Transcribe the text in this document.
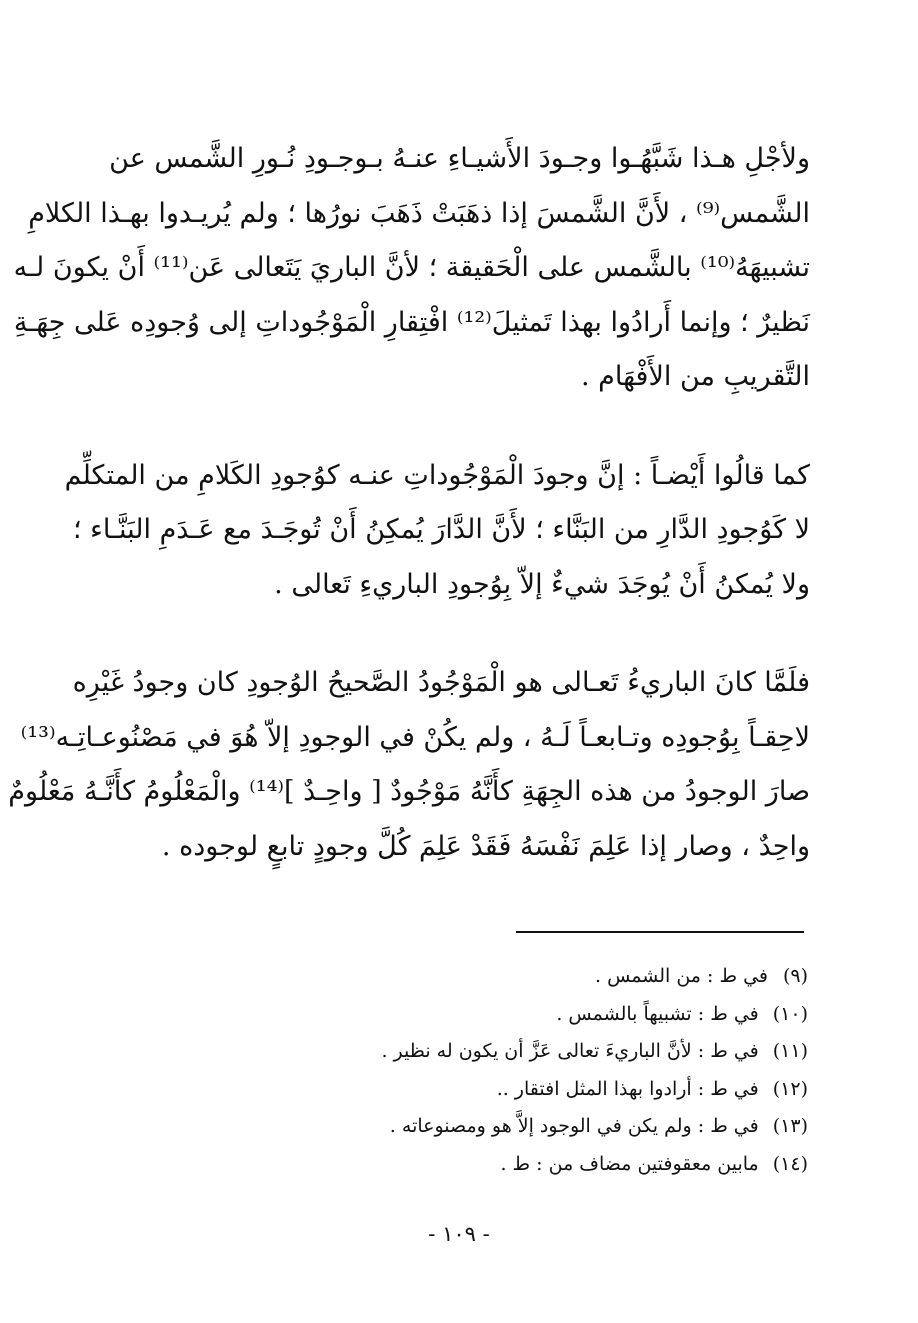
ولأجْلِ هـذا شَبَّهُـوا وجـودَ الأَشيـاءِ عنـهُ بـوجـودِ نُـورِ الشَّمس عن
الشَّمس⁽⁹⁾ ، لأَنَّ الشَّمسَ إذا ذهَبَتْ ذَهَبَ نورُها ؛ ولم يُريـدوا بهـذا الكلامِ
تشبيهَهُ⁽¹⁰⁾ بالشَّمس على الْحَقيقة ؛ لأنَّ الباريَ يَتَعالى عَن⁽¹¹⁾ أَنْ يكونَ لـه
نَظيرٌ ؛ وإنما أَرادُوا بهذا تَمثيلَ⁽¹²⁾ افْتِقارِ الْمَوْجُوداتِ إلى وُجودِه عَلى جِهَـةِ
التَّقريبِ من الأَفْهَام .

كما قالُوا أَيْضـاً : إنَّ وجودَ الْمَوْجُوداتِ عنـه كوُجودِ الكَلامِ من المتكلِّم
لا كَوُجودِ الدَّارِ من البَنَّاء ؛ لأَنَّ الدَّارَ يُمكِنُ أَنْ تُوجَـدَ مع عَـدَمِ البَنَّـاء ؛
ولا يُمكنُ أَنْ يُوجَدَ شيءٌ إلاّ بِوُجودِ الباريءِ تَعالى .

فلَمَّا كانَ الباريءُ تَعـالى هو الْمَوْجُودُ الصَّحيحُ الوُجودِ كان وجودُ غَيْرِه
لاحِقـاً بِوُجودِه وتـابعـاً لَـهُ ، ولم يكُنْ في الوجودِ إلاّ هُوَ في مَصْنُوعـاتِـه⁽¹³⁾
صارَ الوجودُ من هذه الجِهَةِ كأَنَّهُ مَوْجُودٌ [ واحِـدٌ ]⁽¹⁴⁾ والْمَعْلُومُ كأَنَّـهُ مَعْلُومٌ
واحِدٌ ، وصار إذا عَلِمَ نَفْسَهُ فَقَدْ عَلِمَ كُلَّ وجودٍ تابعٍ لوجوده .

(٩)في ط : من الشمس .
(١٠)في ط : تشبيهاً بالشمس .
(١١)في ط : لأنَّ الباريءَ تعالى عَزَّ أن يكون له نظير .
(١٢)في ط : أرادوا بهذا المثل افتقار ..
(١٣)في ط : ولم يكن في الوجود إلاَّ هو ومصنوعاته .
(١٤)مابين معقوفتين مضاف من : ط .
- ١٠٩ -
